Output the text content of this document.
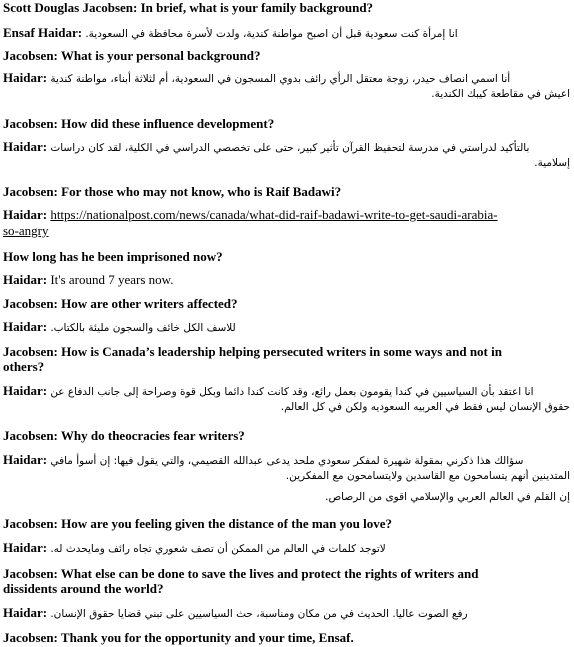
Scott Douglas Jacobsen: In brief, what is your family background?
Ensaf Haidar: انا إمرأة كنت سعودية قبل أن اصبح مواطنة كندية، ولدت لأسرة محافظة في السعودية.
Jacobsen: What is your personal background?
Haidar: أنا اسمي انصاف حيدر، زوجة معتقل الرأي رائف بدوي المسجون في السعودية، أم لثلاثة أبناء، مواطنة كندية
اعيش في مقاطعة كيبك الكندية.
Jacobsen: How did these influence development?
Haidar: بالتأكيد لدراستي في مدرسة لتحفيظ القرآن تأثير كبير، حتى على تخصصي الدراسي في الكلية، لقد كان دراسات
إسلامية.
Jacobsen: For those who may not know, who is Raif Badawi?
Haidar: https://nationalpost.com/news/canada/what-did-raif-badawi-write-to-get-saudi-arabia-
so-angry
How long has he been imprisoned now?
Haidar: It's around 7 years now.
Jacobsen: How are other writers affected?
Haidar: للاسف الكل خائف والسجون مليئة بالكتاب.
Jacobsen: How is Canada’s leadership helping persecuted writers in some ways and not in
others?
Haidar: انا اعتقد بأن السياسيين في كندا يقومون بعمل رائع، وقد كانت كندا دائما وبكل قوة وصراحة إلى جانب الدفاع عن
حقوق الإنسان ليس فقط في العربيه السعوديه ولكن في كل العالم.
Jacobsen: Why do theocracies fear writers?
Haidar: سؤالك هذا ذكرني بمقولة شهيرة لمفكر سعودي ملحد يدعى عبدالله القصيمي، والتي يقول فيها: إن أسوأ مافي
المتدينين أنهم يتسامحون مع القاسدين ولايتسامحون مع المفكرين.
إن القلم في العالم العربي والإسلامي اقوى من الرصاص.
Jacobsen: How are you feeling given the distance of the man you love?
Haidar: لاتوجد كلمات في العالم من الممكن أن تصف شعوري تجاه رائف ومايحدث له.
Jacobsen: What else can be done to save the lives and protect the rights of writers and
dissidents around the world?
Haidar: رفع الصوت عاليا. الحديث في من مكان ومناسبة، حث السياسيين على تبني قضايا حقوق الإنسان.
Jacobsen: Thank you for the opportunity and your time, Ensaf.
